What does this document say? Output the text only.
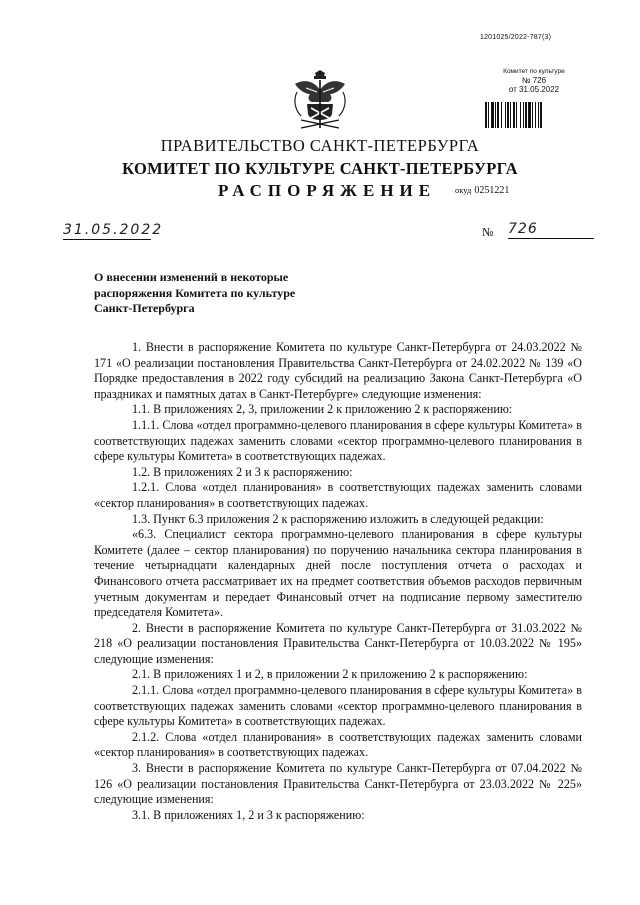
1201025/2022-787(3)
Комитет по культуре
№ 726
от 31.05.2022
ПРАВИТЕЛЬСТВО САНКТ-ПЕТЕРБУРГА
КОМИТЕТ ПО КУЛЬТУРЕ САНКТ-ПЕТЕРБУРГА
РАСПОРЯЖЕНИЕ окуд 0251221
31.05.2022	№ 726
О внесении изменений в некоторые распоряжения Комитета по культуре Санкт-Петербурга

1. Внести в распоряжение Комитета по культуре Санкт-Петербурга от 24.03.2022 № 171 «О реализации постановления Правительства Санкт-Петербурга от 24.02.2022 № 139 «О Порядке предоставления в 2022 году субсидий на реализацию Закона Санкт-Петербурга «О праздниках и памятных датах в Санкт-Петербурге» следующие изменения:

1.1. В приложениях 2, 3, приложении 2 к приложению 2 к распоряжению:

1.1.1. Слова «отдел программно-целевого планирования в сфере культуры Комитета» в соответствующих падежах заменить словами «сектор программно-целевого планирования в сфере культуры Комитета» в соответствующих падежах.

1.2. В приложениях 2 и 3 к распоряжению:

1.2.1. Слова «отдел планирования» в соответствующих падежах заменить словами «сектор планирования» в соответствующих падежах.

1.3. Пункт 6.3 приложения 2 к распоряжению изложить в следующей редакции:

«6.3. Специалист сектора программно-целевого планирования в сфере культуры Комитете (далее – сектор планирования) по поручению начальника сектора планирования в течение четырнадцати календарных дней после поступления отчета о расходах и Финансового отчета рассматривает их на предмет соответствия объемов расходов первичным учетным документам и передает Финансовый отчет на подписание первому заместителю председателя Комитета».

2. Внести в распоряжение Комитета по культуре Санкт-Петербурга от 31.03.2022 № 218 «О реализации постановления Правительства Санкт-Петербурга от 10.03.2022 № 195» следующие изменения:

2.1. В приложениях 1 и 2, в приложении 2 к приложению 2 к распоряжению:

2.1.1. Слова «отдел программно-целевого планирования в сфере культуры Комитета» в соответствующих падежах заменить словами «сектор программно-целевого планирования в сфере культуры Комитета» в соответствующих падежах.

2.1.2. Слова «отдел планирования» в соответствующих падежах заменить словами «сектор планирования» в соответствующих падежах.

3. Внести в распоряжение Комитета по культуре Санкт-Петербурга от 07.04.2022 № 126 «О реализации постановления Правительства Санкт-Петербурга от 23.03.2022 № 225» следующие изменения:

3.1. В приложениях 1, 2 и 3 к распоряжению:
